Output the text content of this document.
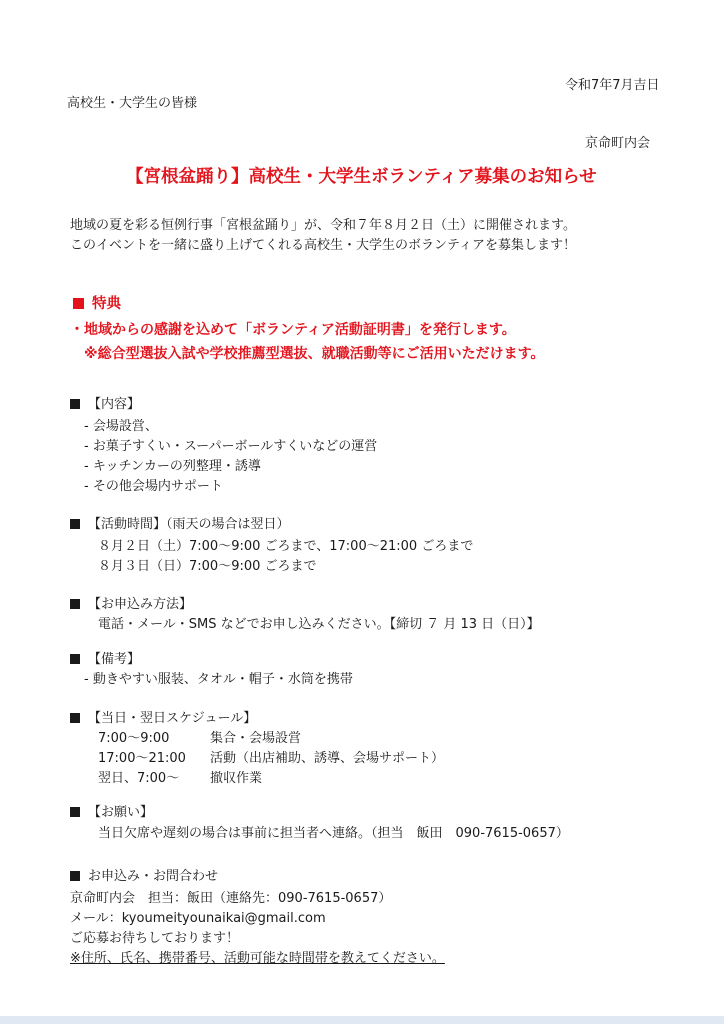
令和7年7月吉日
高校生・大学生の皆様
京命町内会
【宮根盆踊り】高校生・大学生ボランティア募集のお知らせ
地域の夏を彩る恒例行事「宮根盆踊り」が、令和７年８月２日（土）に開催されます。
このイベントを一緒に盛り上げてくれる高校生・大学生のボランティアを募集します！
特典
・地域からの感謝を込めて「ボランティア活動証明書」を発行します。
※総合型選抜入試や学校推薦型選抜、就職活動等にご活用いただけます。
【内容】
- 会場設営、
- お菓子すくい・スーパーボールすくいなどの運営
- キッチンカーの列整理・誘導
- その他会場内サポート
【活動時間】（雨天の場合は翌日）
８月２日（土）7:00～9:00 ごろまで、17:00～21:00 ごろまで
８月３日（日）7:00～9:00 ごろまで
【お申込み方法】
電話・メール・SMS などでお申し込みください。【締切 ７ 月 13 日（日）】
【備考】
- 動きやすい服装、タオル・帽子・水筒を携帯
【当日・翌日スケジュール】
7:00～9:00	集合・会場設営
17:00～21:00 活動（出店補助、誘導、会場サポート）
翌日、7:00～ 撤収作業
【お願い】
当日欠席や遅刻の場合は事前に担当者へ連絡。（担当　飯田　090-7615-0657）
お申込み・お問合わせ
京命町内会　担当：飯田（連絡先：090-7615-0657）
メール：kyoumeityounaikai@gmail.com
ご応募お待ちしております！
※住所、氏名、携帯番号、活動可能な時間帯を教えてください。
